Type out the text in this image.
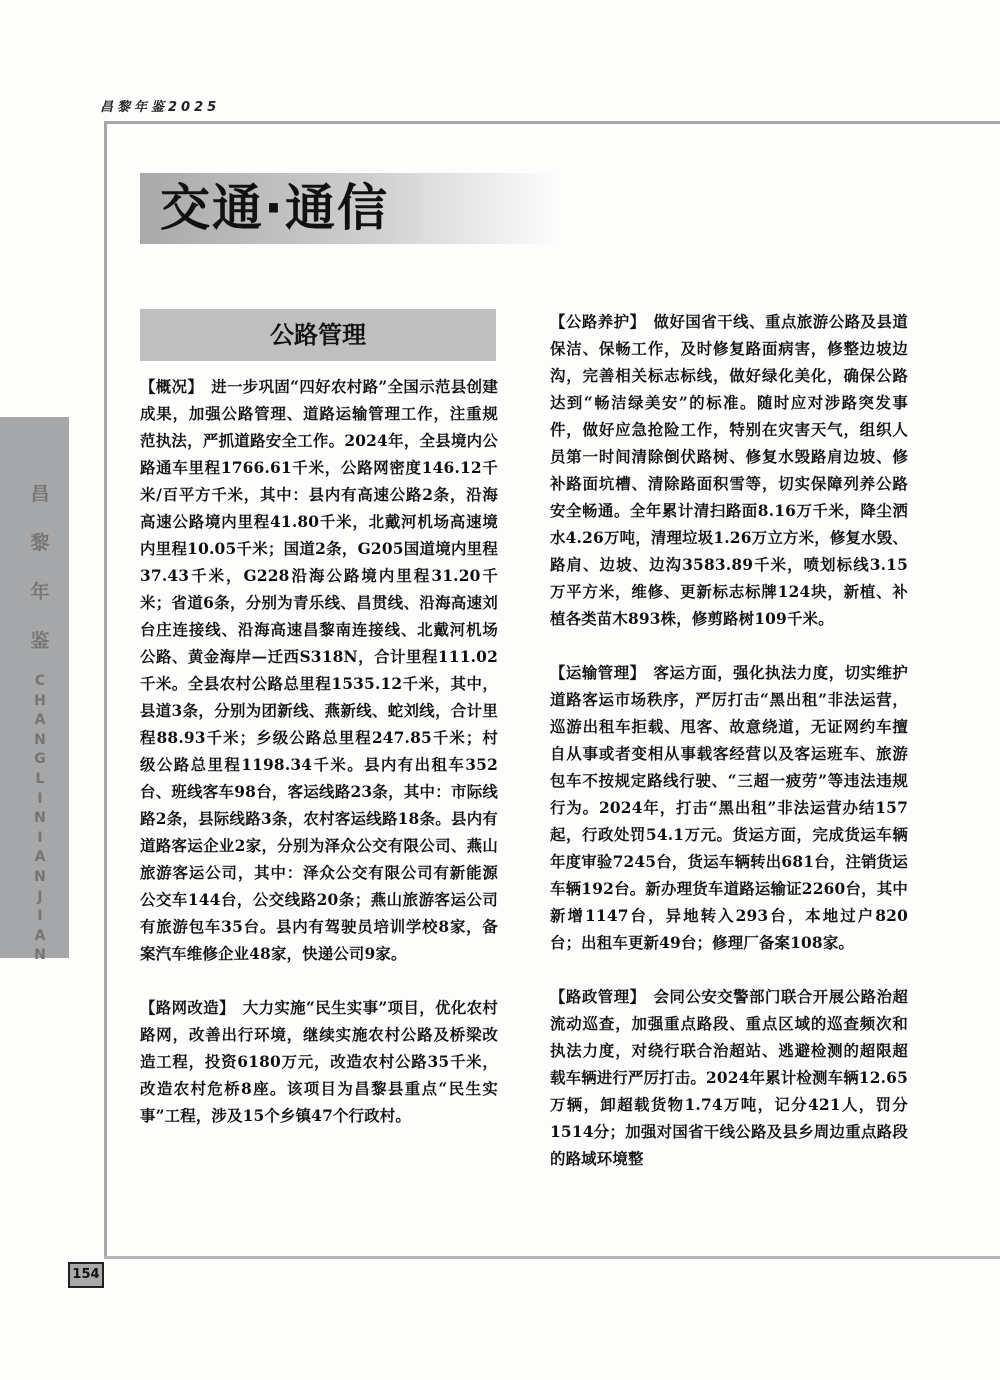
昌黎年鉴2025
交通·通信
昌
黎
年
鉴
C
H
A
N
G
L
I
N
I
A
N
J
I
A
N
公路管理

【概况】 进一步巩固“四好农村路”全国示范县创建成果，加强公路管理、道路运输管理工作，注重规范执法，严抓道路安全工作。2024年，全县境内公路通车里程1766.61千米，公路网密度146.12千米/百平方千米，其中：县内有高速公路2条，沿海高速公路境内里程41.80千米，北戴河机场高速境内里程10.05千米；国道2条，G205国道境内里程37.43千米，G228沿海公路境内里程31.20千米；省道6条，分别为青乐线、昌贯线、沿海高速刘台庄连接线、沿海高速昌黎南连接线、北戴河机场公路、黄金海岸—迁西S318N，合计里程111.02千米。全县农村公路总里程1535.12千米，其中，县道3条，分别为团新线、燕新线、蛇刘线，合计里程88.93千米；乡级公路总里程247.85千米；村级公路总里程1198.34千米。县内有出租车352台、班线客车98台，客运线路23条，其中：市际线路2条，县际线路3条，农村客运线路18条。县内有道路客运企业2家，分别为泽众公交有限公司、燕山旅游客运公司，其中：泽众公交有限公司有新能源公交车144台，公交线路20条；燕山旅游客运公司有旅游包车35台。县内有驾驶员培训学校8家，备案汽车维修企业48家，快递公司9家。

【路网改造】 大力实施“民生实事”项目，优化农村路网，改善出行环境，继续实施农村公路及桥梁改造工程，投资6180万元，改造农村公路35千米，改造农村危桥8座。该项目为昌黎县重点“民生实事”工程，涉及15个乡镇47个行政村。

【公路养护】 做好国省干线、重点旅游公路及县道保洁、保畅工作，及时修复路面病害，修整边坡边沟，完善相关标志标线，做好绿化美化，确保公路达到“畅洁绿美安”的标准。随时应对涉路突发事件，做好应急抢险工作，特别在灾害天气，组织人员第一时间清除倒伏路树、修复水毁路肩边坡、修补路面坑槽、清除路面积雪等，切实保障列养公路安全畅通。全年累计清扫路面8.16万千米，降尘洒水4.26万吨，清理垃圾1.26万立方米，修复水毁、路肩、边坡、边沟3583.89千米，喷划标线3.15万平方米，维修、更新标志标牌124块，新植、补植各类苗木893株，修剪路树109千米。

【运输管理】 客运方面，强化执法力度，切实维护道路客运市场秩序，严厉打击“黑出租”非法运营，巡游出租车拒载、甩客、故意绕道，无证网约车擅自从事或者变相从事载客经营以及客运班车、旅游包车不按规定路线行驶、“三超一疲劳”等违法违规行为。2024年，打击“黑出租”非法运营办结157起，行政处罚54.1万元。货运方面，完成货运车辆年度审验7245台，货运车辆转出681台，注销货运车辆192台。新办理货车道路运输证2260台，其中新增1147台，异地转入293台，本地过户820台；出租车更新49台；修理厂备案108家。

【路政管理】 会同公安交警部门联合开展公路治超流动巡查，加强重点路段、重点区域的巡查频次和执法力度，对绕行联合治超站、逃避检测的超限超载车辆进行严厉打击。2024年累计检测车辆12.65万辆，卸超载货物1.74万吨，记分421人，罚分1514分；加强对国省干线公路及县乡周边重点路段的路域环境整

154
